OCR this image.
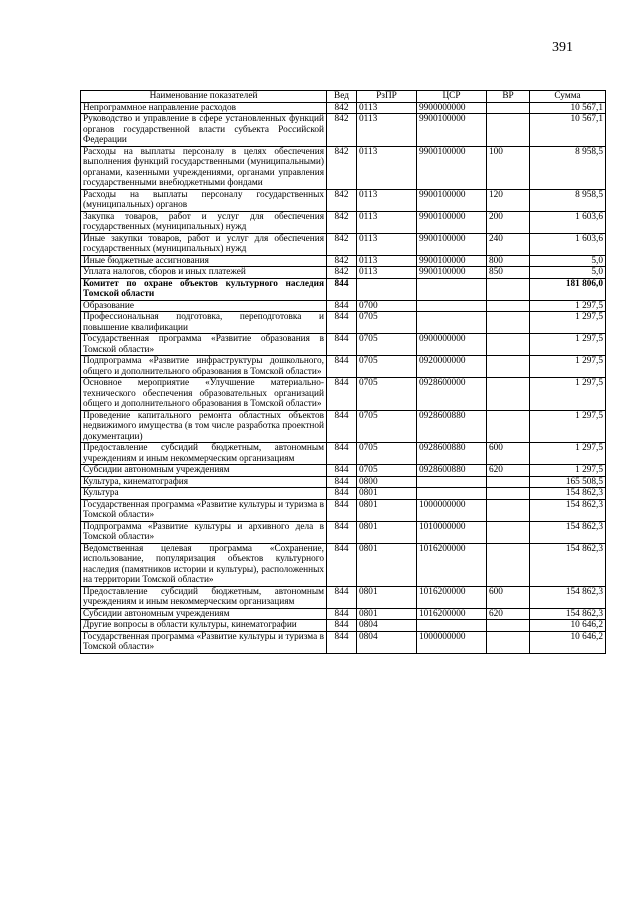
391
Наименование показателей	Вед	РзПР	ЦСР	ВР	Сумма
Непрограммное направление расходов	842	0113	9900000000		10 567,1
Руководство и управление в сфере установленных функций органов государственной власти субъекта Российской Федерации	842	0113	9900100000		10 567,1
Расходы на выплаты персоналу в целях обеспечения выполнения функций государственными (муниципальными) органами, казенными учреждениями, органами управления государственными внебюджетными фондами	842	0113	9900100000	100	8 958,5
Расходы на выплаты персоналу государственных (муниципальных) органов	842	0113	9900100000	120	8 958,5
Закупка товаров, работ и услуг для обеспечения государственных (муниципальных) нужд	842	0113	9900100000	200	1 603,6
Иные закупки товаров, работ и услуг для обеспечения государственных (муниципальных) нужд	842	0113	9900100000	240	1 603,6
Иные бюджетные ассигнования	842	0113	9900100000	800	5,0
Уплата налогов, сборов и иных платежей	842	0113	9900100000	850	5,0
Комитет по охране объектов культурного наследия Томской области	844				181 806,0
Образование	844	0700			1 297,5
Профессиональная подготовка, переподготовка и повышение квалификации	844	0705			1 297,5
Государственная программа «Развитие образования в Томской области»	844	0705	0900000000		1 297,5
Подпрограмма «Развитие инфраструктуры дошкольного, общего и дополнительного образования в Томской области»	844	0705	0920000000		1 297,5
Основное мероприятие «Улучшение материально-технического обеспечения образовательных организаций общего и дополнительного образования в Томской области»	844	0705	0928600000		1 297,5
Проведение капитального ремонта областных объектов недвижимого имущества (в том числе разработка проектной документации)	844	0705	0928600880		1 297,5
Предоставление субсидий бюджетным, автономным учреждениям и иным некоммерческим организациям	844	0705	0928600880	600	1 297,5
Субсидии автономным учреждениям	844	0705	0928600880	620	1 297,5
Культура, кинематография	844	0800			165 508,5
Культура	844	0801			154 862,3
Государственная программа «Развитие культуры и туризма в Томской области»	844	0801	1000000000		154 862,3
Подпрограмма «Развитие культуры и архивного дела в Томской области»	844	0801	1010000000		154 862,3
Ведомственная целевая программа «Сохранение, использование, популяризация объектов культурного наследия (памятников истории и культуры), расположенных на территории Томской области»	844	0801	1016200000		154 862,3
Предоставление субсидий бюджетным, автономным учреждениям и иным некоммерческим организациям	844	0801	1016200000	600	154 862,3
Субсидии автономным учреждениям	844	0801	1016200000	620	154 862,3
Другие вопросы в области культуры, кинематографии	844	0804			10 646,2
Государственная программа «Развитие культуры и туризма в Томской области»	844	0804	1000000000		10 646,2
